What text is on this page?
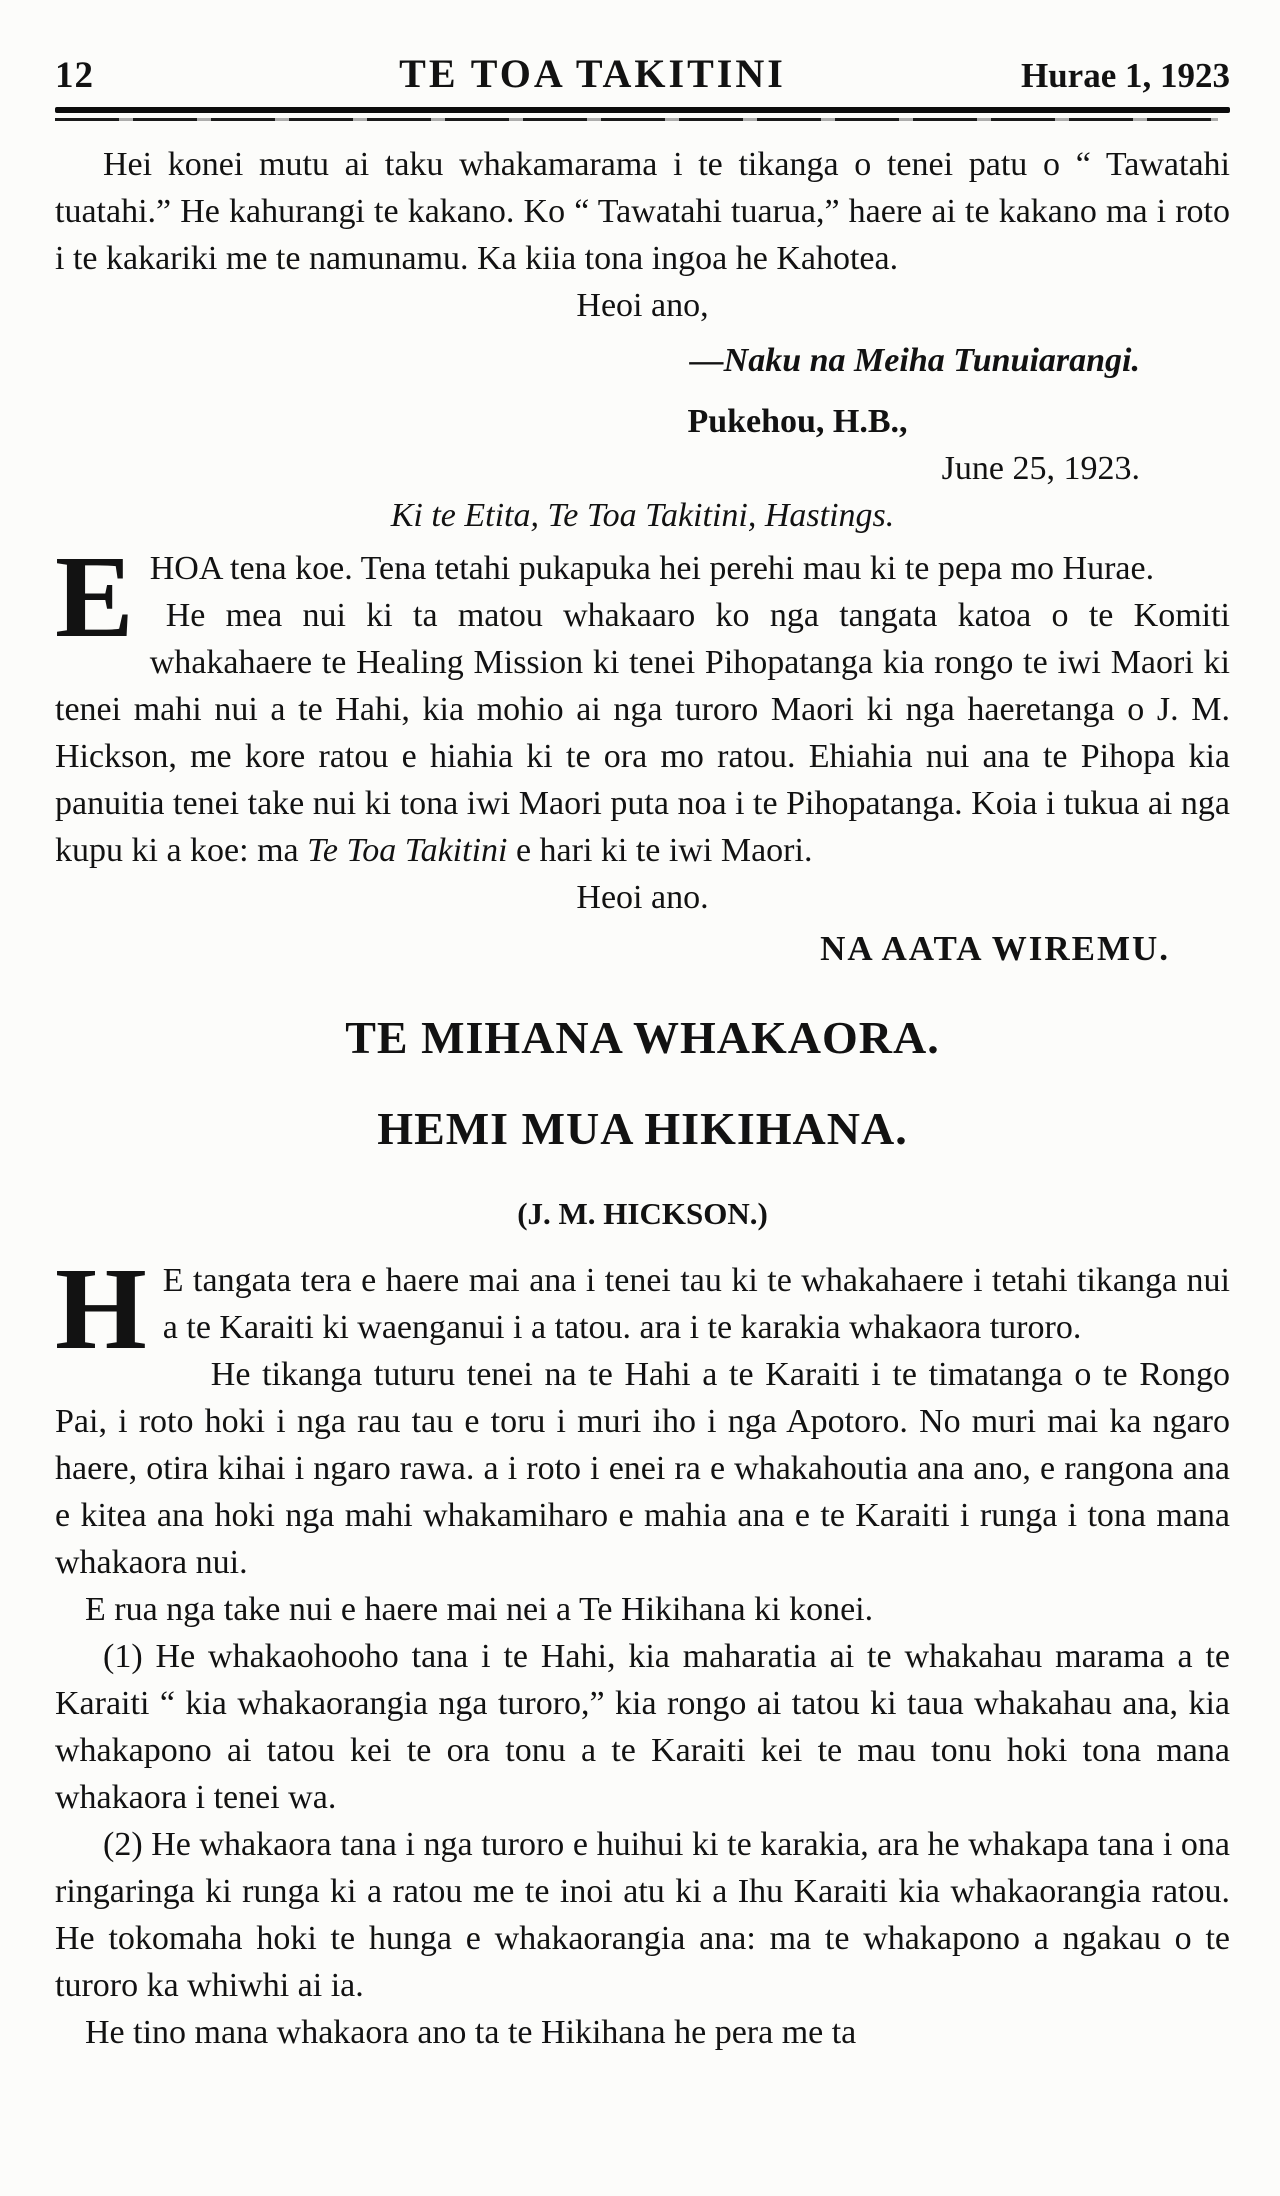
12	TE TOA TAKITINI	Hurae 1, 1923

Hei konei mutu ai taku whakamarama i te tikanga o tenei patu o “ Tawatahi tuatahi.” He kahurangi te kakano. Ko “ Tawatahi tuarua,” haere ai te kakano ma i roto i te kakariki me te namunamu. Ka kiia tona ingoa he Kahotea.

Heoi ano,

—Naku na Meiha Tunuiarangi.

Pukehou, H.B.,

June 25, 1923.

Ki te Etita, Te Toa Takitini, Hastings.

E HOA tena koe. Tena tetahi pukapuka hei perehi mau ki te pepa mo Hurae.

He mea nui ki ta matou whakaaro ko nga tangata katoa o te Komiti whakahaere te Healing Mission ki tenei Pihopatanga kia rongo te iwi Maori ki tenei mahi nui a te Hahi, kia mohio ai nga turoro Maori ki nga haeretanga o J. M. Hickson, me kore ratou e hiahia ki te ora mo ratou. Ehiahia nui ana te Pihopa kia panuitia tenei take nui ki tona iwi Maori puta noa i te Pihopatanga. Koia i tukua ai nga kupu ki a koe: ma Te Toa Takitini e hari ki te iwi Maori.

Heoi ano.

NA AATA WIREMU.

TE MIHANA WHAKAORA.
HEMI MUA HIKIHANA.

(J. M. HICKSON.)

H E tangata tera e haere mai ana i tenei tau ki te whakahaere i tetahi tikanga nui a te Karaiti ki waenganui i a tatou. ara i te karakia whakaora turoro.

He tikanga tuturu tenei na te Hahi a te Karaiti i te timatanga o te Rongo Pai, i roto hoki i nga rau tau e toru i muri iho i nga Apotoro. No muri mai ka ngaro haere, otira kihai i ngaro rawa. a i roto i enei ra e whakahoutia ana ano, e rangona ana e kitea ana hoki nga mahi whakamiharo e mahia ana e te Karaiti i runga i tona mana whakaora nui.

E rua nga take nui e haere mai nei a Te Hikihana ki konei.

(1) He whakaohooho tana i te Hahi, kia maharatia ai te whakahau marama a te Karaiti “ kia whakaorangia nga turoro,” kia rongo ai tatou ki taua whakahau ana, kia whakapono ai tatou kei te ora tonu a te Karaiti kei te mau tonu hoki tona mana whakaora i tenei wa.

(2) He whakaora tana i nga turoro e huihui ki te karakia, ara he whakapa tana i ona ringaringa ki runga ki a ratou me te inoi atu ki a Ihu Karaiti kia whakaorangia ratou. He tokomaha hoki te hunga e whakaorangia ana: ma te whakapono a ngakau o te turoro ka whiwhi ai ia.

He tino mana whakaora ano ta te Hikihana he pera me ta
